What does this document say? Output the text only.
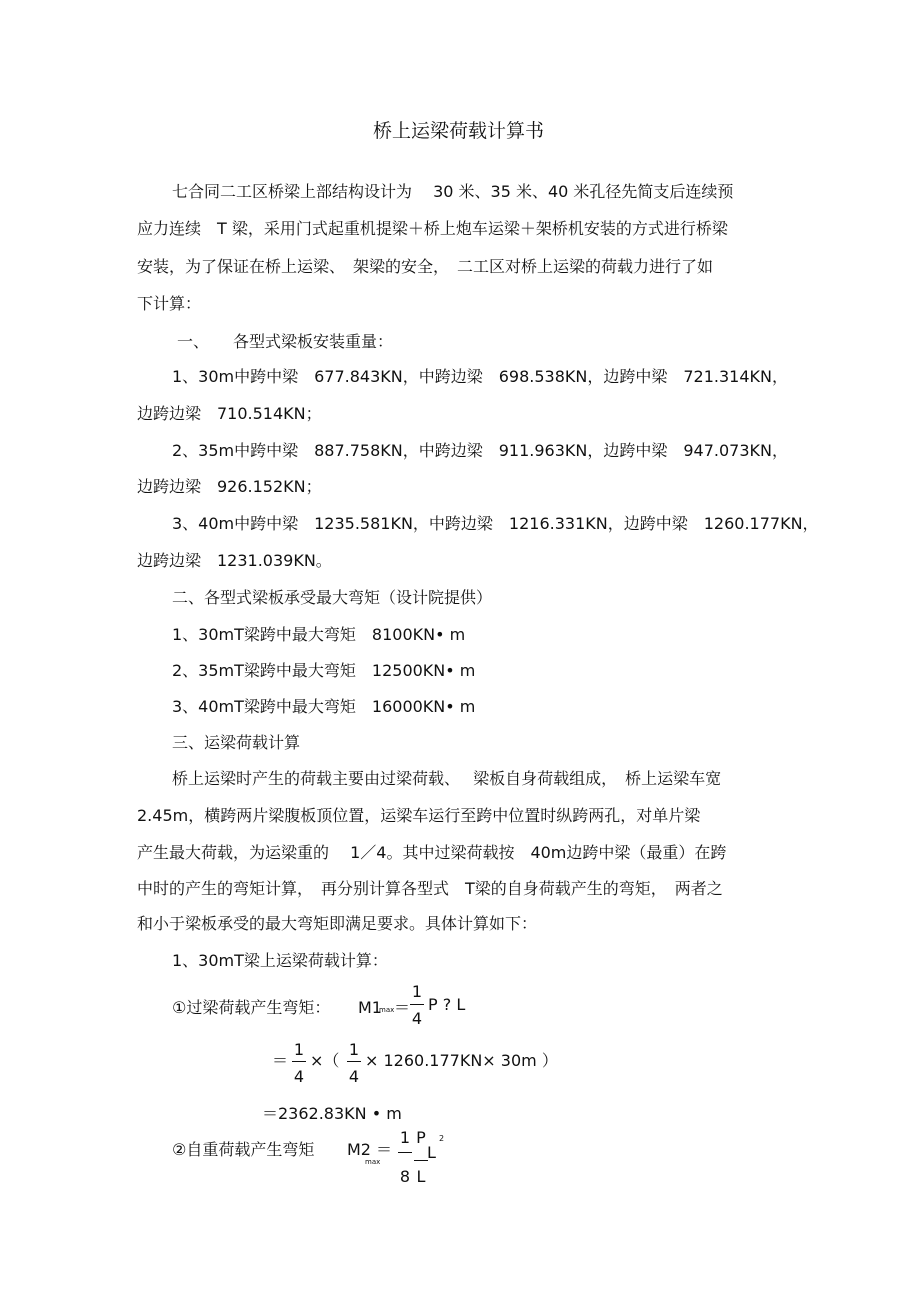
桥上运梁荷载计算书
七合同二工区桥梁上部结构设计为　 30 米、35 米、40 米孔径先简支后连续预
应力连续　T 梁，采用门式起重机提梁＋桥上炮车运梁＋架桥机安装的方式进行桥梁
安装，为了保证在桥上运梁、　架梁的安全，　二工区对桥上运梁的荷载力进行了如
下计算：
一、　　各型式梁板安装重量：
1、30m中跨中梁　677.843KN，中跨边梁　698.538KN，边跨中梁　721.314KN，
边跨边梁　710.514KN；
2、35m中跨中梁　887.758KN，中跨边梁　911.963KN，边跨中梁　947.073KN，
边跨边梁　926.152KN；
3、40m中跨中梁　1235.581KN，中跨边梁　1216.331KN，边跨中梁　1260.177KN，
边跨边梁　1231.039KN。
二、各型式梁板承受最大弯矩（设计院提供）
1、30mT梁跨中最大弯矩　8100KN• m
2、35mT梁跨中最大弯矩　12500KN• m
3、40mT梁跨中最大弯矩　16000KN• m
三、运梁荷载计算
桥上运梁时产生的荷载主要由过梁荷载、　 梁板自身荷载组成，　桥上运梁车宽
2.45m，横跨两片梁腹板顶位置，运梁车运行至跨中位置时纵跨两孔，对单片梁
产生最大荷载，为运梁重的　 1／4。其中过梁荷载按　40m边跨中梁（最重）在跨
中时的产生的弯矩计算，　再分别计算各型式　T梁的自身荷载产生的弯矩，　两者之
和小于梁板承受的最大弯矩即满足要求。具体计算如下：
1、30mT梁上运梁荷载计算：
①过梁荷载产生弯矩： M1
max ＝
1
4
P ? L
＝
1
4
×（
1
4
× 1260.177KN× 30m ）
＝2362.83KN • m
②自重荷载产生弯矩 M2
max
＝
1
8
P
L
L
2
